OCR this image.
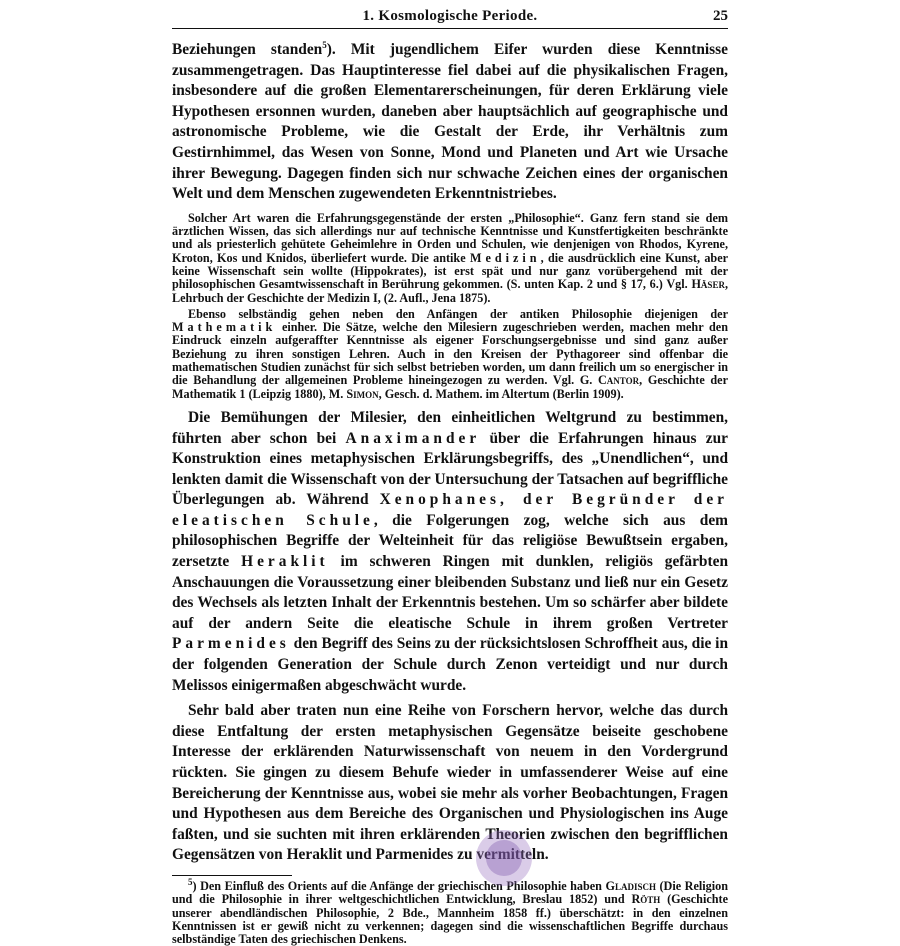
1. Kosmologische Periode.	25

Beziehungen standen$^5$). Mit jugendlichem Eifer wurden diese Kenntnisse zusammengetragen. Das Hauptinteresse fiel dabei auf die physikalischen Fragen, insbesondere auf die großen Elementarerscheinungen, für deren Erklärung viele Hypothesen ersonnen wurden, daneben aber hauptsächlich auf geographische und astronomische Probleme, wie die Gestalt der Erde, ihr Verhältnis zum Gestirnhimmel, das Wesen von Sonne, Mond und Planeten und Art wie Ursache ihrer Bewegung. Dagegen finden sich nur schwache Zeichen eines der organischen Welt und dem Menschen zugewendeten Erkenntnistriebes.

Solcher Art waren die Erfahrungsgegenstände der ersten „Philosophie“. Ganz fern stand sie dem ärztlichen Wissen, das sich allerdings nur auf technische Kenntnisse und Kunstfertigkeiten beschränkte und als priesterlich gehütete Geheimlehre in Orden und Schulen, wie denjenigen von Rhodos, Kyrene, Kroton, Kos und Knidos, überliefert wurde. Die antike Medizin, die ausdrücklich eine Kunst, aber keine Wissenschaft sein wollte (Hippokrates), ist erst spät und nur ganz vorübergehend mit der philosophischen Gesamtwissenschaft in Berührung gekommen. (S. unten Kap. 2 und § 17, 6.) Vgl. Häser, Lehrbuch der Geschichte der Medizin I, (2. Aufl., Jena 1875).

Ebenso selbständig gehen neben den Anfängen der antiken Philosophie diejenigen der Mathematik einher. Die Sätze, welche den Milesiern zugeschrieben werden, machen mehr den Eindruck einzeln aufgeraffter Kenntnisse als eigener Forschungsergebnisse und sind ganz außer Beziehung zu ihren sonstigen Lehren. Auch in den Kreisen der Pythagoreer sind offenbar die mathematischen Studien zunächst für sich selbst betrieben worden, um dann freilich um so energischer in die Behandlung der allgemeinen Probleme hineingezogen zu werden. Vgl. G. Cantor, Geschichte der Mathematik 1 (Leipzig 1880), M. Simon, Gesch. d. Mathem. im Altertum (Berlin 1909).

Die Bemühungen der Milesier, den einheitlichen Weltgrund zu bestimmen, führten aber schon bei Anaximander über die Erfahrungen hinaus zur Konstruktion eines metaphysischen Erklärungsbegriffs, des „Unendlichen“, und lenkten damit die Wissenschaft von der Untersuchung der Tatsachen auf begriffliche Überlegungen ab. Während Xenophanes, der Begründer der eleatischen Schule, die Folgerungen zog, welche sich aus dem philosophischen Begriffe der Welteinheit für das religiöse Bewußtsein ergaben, zersetzte Heraklit im schweren Ringen mit dunklen, religiös gefärbten Anschauungen die Voraussetzung einer bleibenden Substanz und ließ nur ein Gesetz des Wechsels als letzten Inhalt der Erkenntnis bestehen. Um so schärfer aber bildete auf der andern Seite die eleatische Schule in ihrem großen Vertreter Parmenides den Begriff des Seins zu der rücksichtslosen Schroffheit aus, die in der folgenden Generation der Schule durch Zenon verteidigt und nur durch Melissos einigermaßen abgeschwächt wurde.

Sehr bald aber traten nun eine Reihe von Forschern hervor, welche das durch diese Entfaltung der ersten metaphysischen Gegensätze beiseite geschobene Interesse der erklärenden Naturwissenschaft von neuem in den Vordergrund rückten. Sie gingen zu diesem Behufe wieder in umfassenderer Weise auf eine Bereicherung der Kenntnisse aus, wobei sie mehr als vorher Beobachtungen, Fragen und Hypothesen aus dem Bereiche des Organischen und Physiologischen ins Auge faßten, und sie suchten mit ihren erklärenden Theorien zwischen den begrifflichen Gegensätzen von Heraklit und Parmenides zu vermitteln.

$^5$) Den Einfluß des Orients auf die Anfänge der griechischen Philosophie haben Gladisch (Die Religion und die Philosophie in ihrer weltgeschichtlichen Entwicklung, Breslau 1852) und Röth (Geschichte unserer abendländischen Philosophie, 2 Bde., Mannheim 1858 ff.) überschätzt: in den einzelnen Kenntnissen ist er gewiß nicht zu verkennen; dagegen sind die wissenschaftlichen Begriffe durchaus selbständige Taten des griechischen Denkens.
